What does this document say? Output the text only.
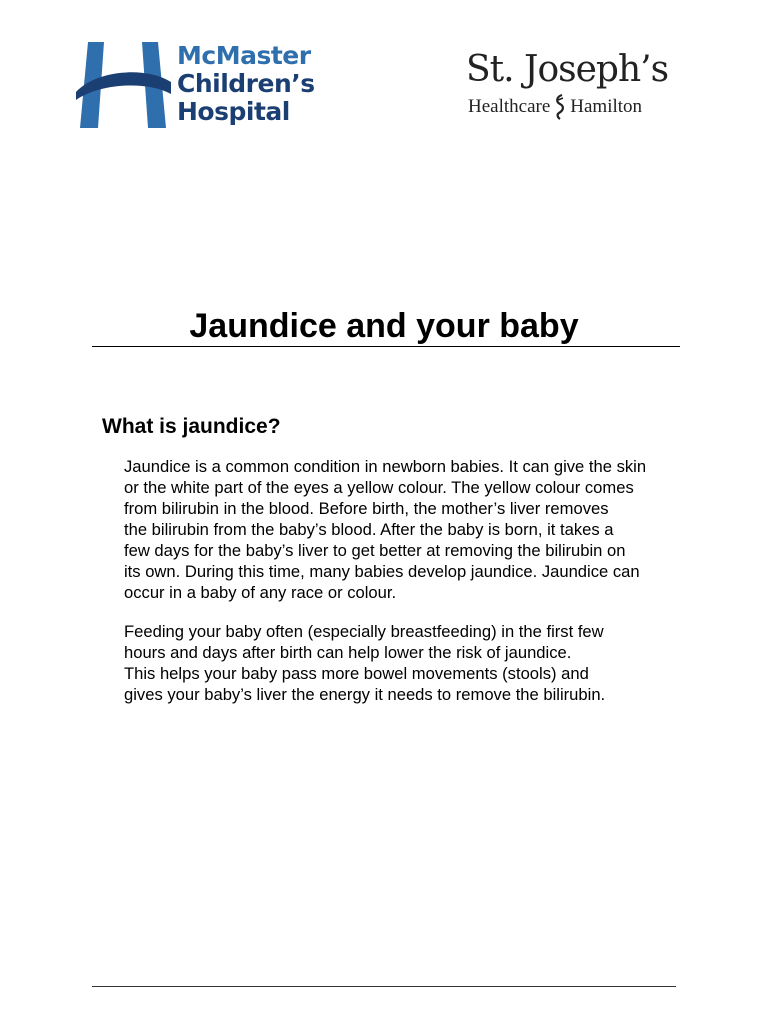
McMaster
Children’s
Hospital
St. Joseph’s
Healthcare Hamilton
Jaundice and your baby
What is jaundice?

Jaundice is a common condition in newborn babies. It can give the skin
or the white part of the eyes a yellow colour. The yellow colour comes
from bilirubin in the blood. Before birth, the mother’s liver removes
the bilirubin from the baby’s blood. After the baby is born, it takes a
few days for the baby’s liver to get better at removing the bilirubin on
its own. During this time, many babies develop jaundice. Jaundice can
occur in a baby of any race or colour.

Feeding your baby often (especially breastfeeding) in the first few
hours and days after birth can help lower the risk of jaundice.
This helps your baby pass more bowel movements (stools) and
gives your baby’s liver the energy it needs to remove the bilirubin.
